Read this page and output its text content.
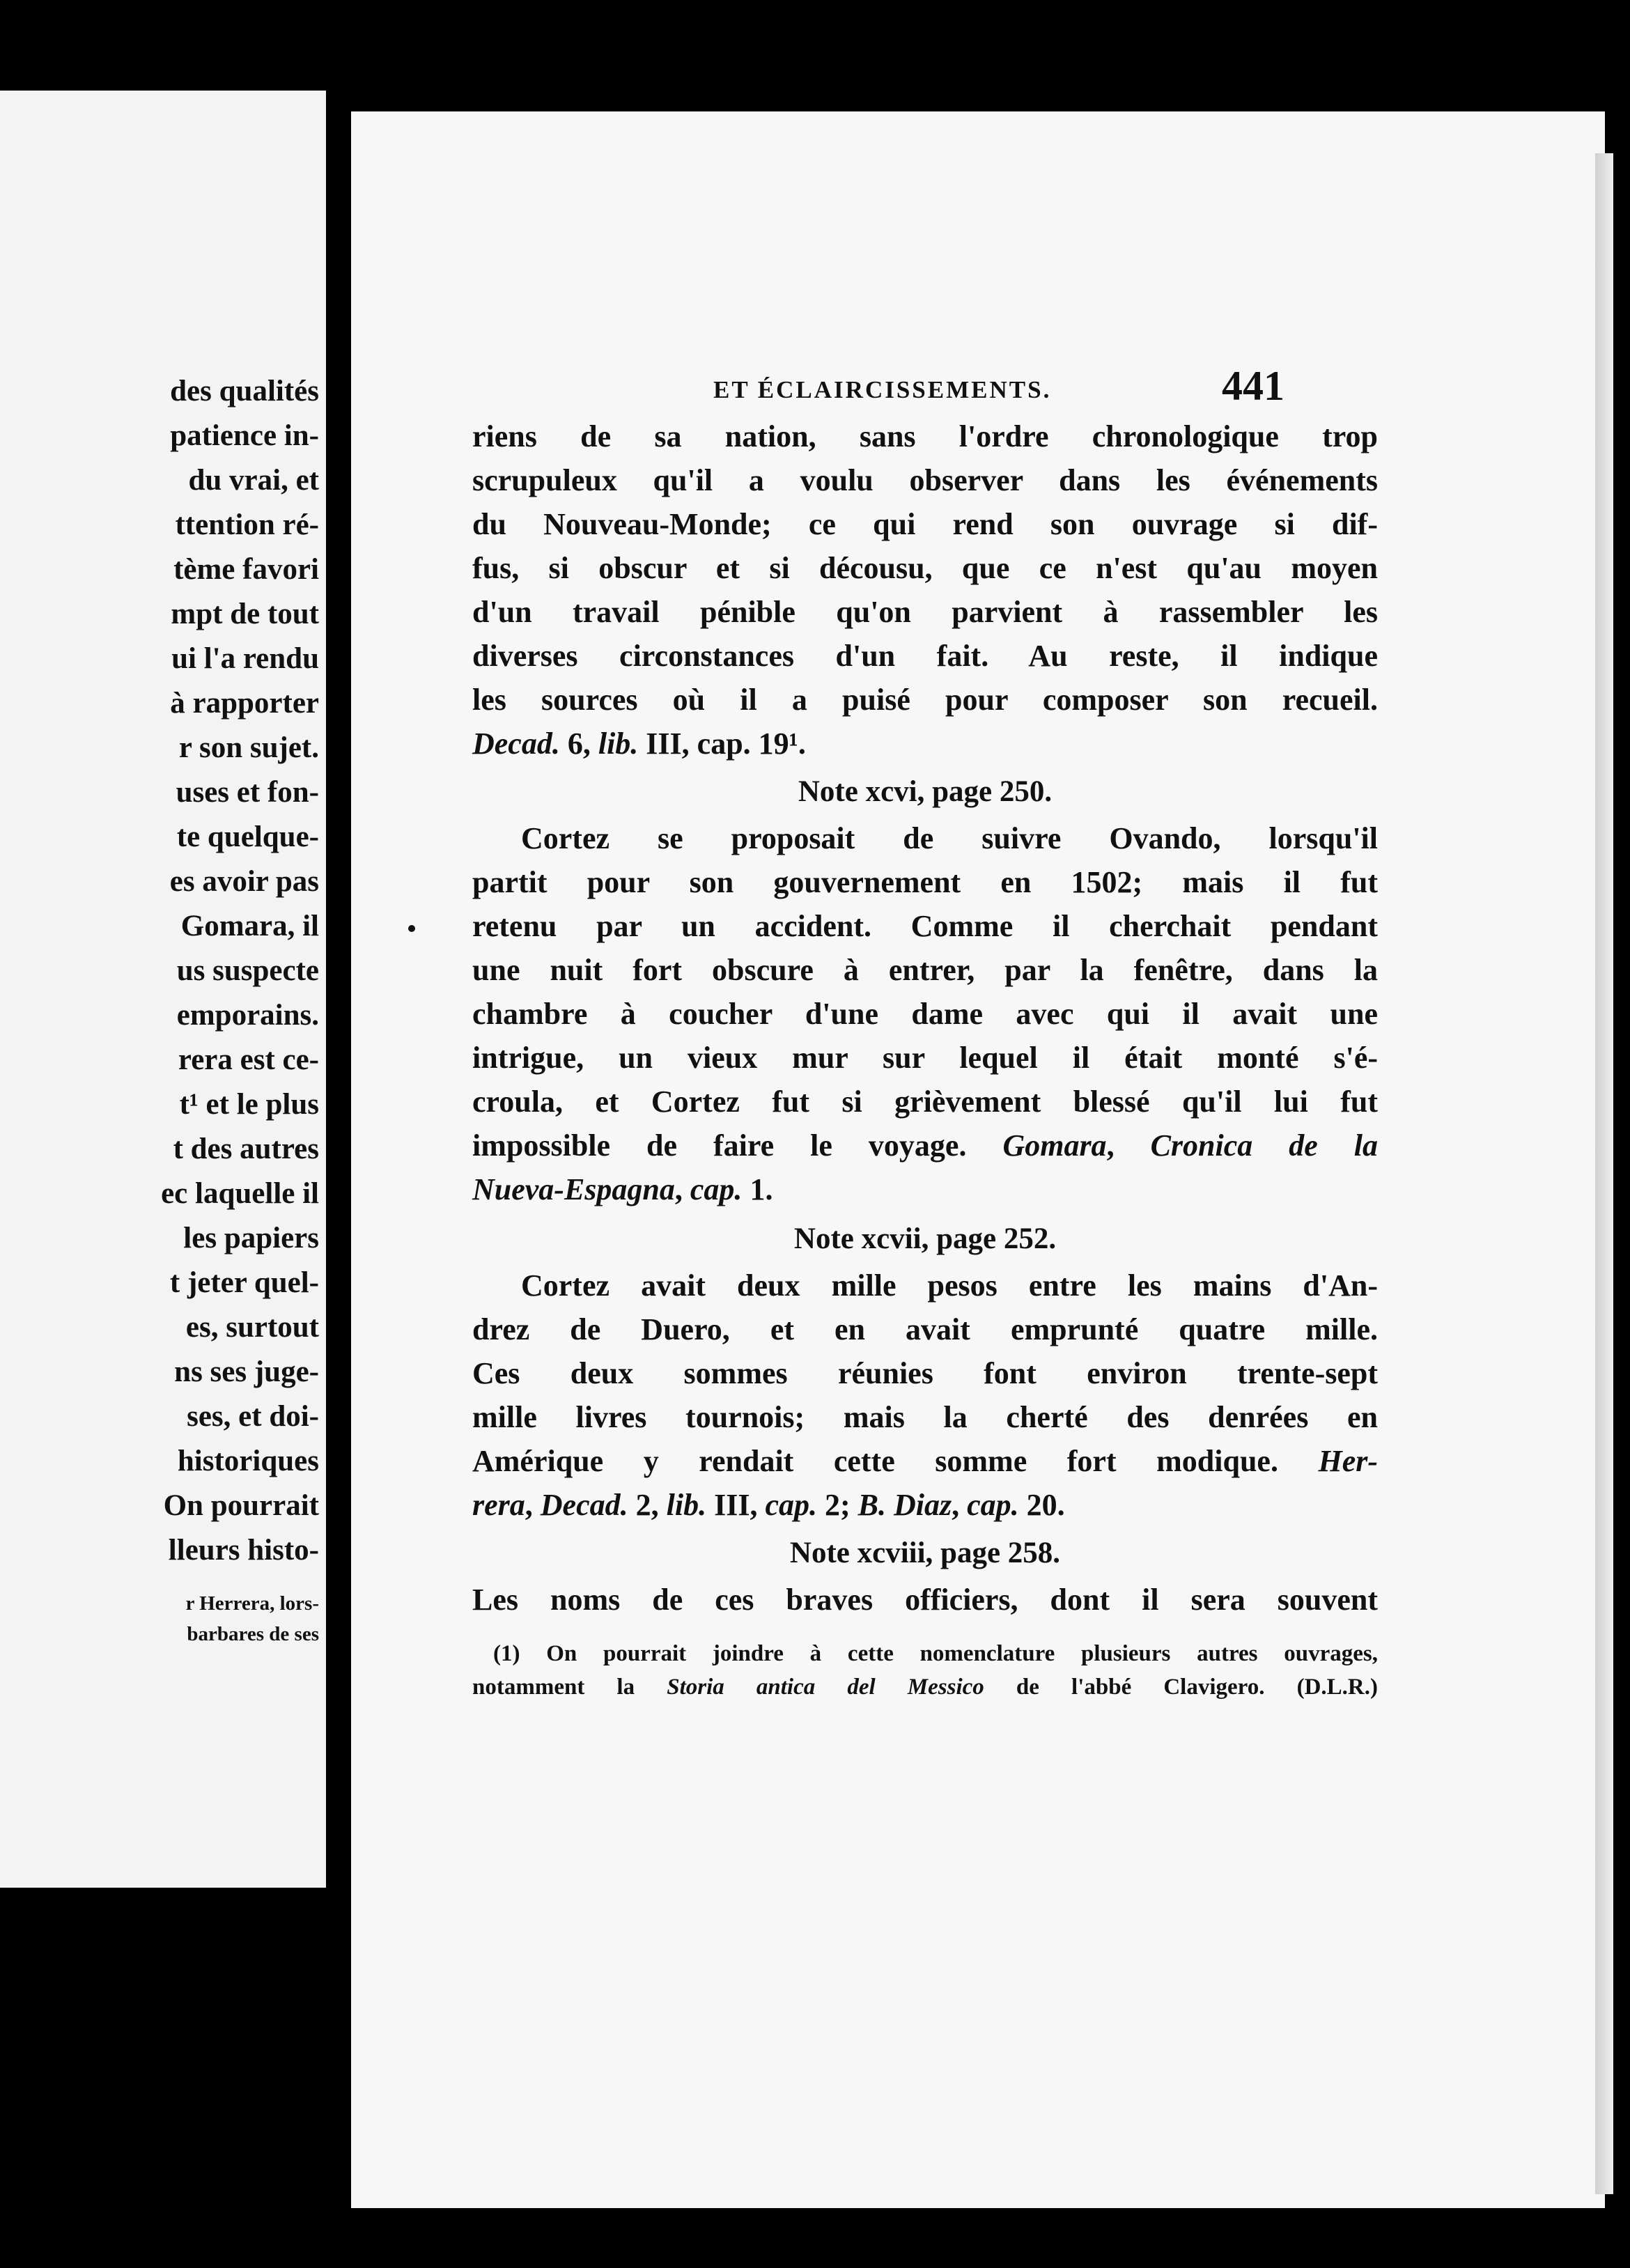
des qualités
patience in-
du vrai, et
ttention ré-
tème favori
mpt de tout
ui l'a rendu
à rapporter
r son sujet.
uses et fon-
te quelque-
es avoir pas
Gomara, il
us suspecte
emporains.
rera est ce-
t¹ et le plus
t des autres
ec laquelle il
les papiers
t jeter quel-
es, surtout
ns ses juge-
ses, et doi-
historiques
On pourrait
lleurs histo-
r Herrera, lors-
barbares de ses
ET ÉCLAIRCISSEMENTS.	441
riens de sa nation, sans l'ordre chronologique trop
scrupuleux qu'il a voulu observer dans les événements
du Nouveau-Monde; ce qui rend son ouvrage si dif-
fus, si obscur et si décousu, que ce n'est qu'au moyen
d'un travail pénible qu'on parvient à rassembler les
diverses circonstances d'un fait. Au reste, il indique
les sources où il a puisé pour composer son recueil.
Decad. 6, lib. III, cap. 19¹.
Note xcvi, page 250.
Cortez se proposait de suivre Ovando, lorsqu'il
partit pour son gouvernement en 1502; mais il fut
retenu par un accident. Comme il cherchait pendant
une nuit fort obscure à entrer, par la fenêtre, dans la
chambre à coucher d'une dame avec qui il avait une
intrigue, un vieux mur sur lequel il était monté s'é-
croula, et Cortez fut si grièvement blessé qu'il lui fut
impossible de faire le voyage. Gomara, Cronica de la
Nueva-Espagna, cap. 1.
Note xcvii, page 252.
Cortez avait deux mille pesos entre les mains d'An-
drez de Duero, et en avait emprunté quatre mille.
Ces deux sommes réunies font environ trente-sept
mille livres tournois; mais la cherté des denrées en
Amérique y rendait cette somme fort modique. Her-
rera, Decad. 2, lib. III, cap. 2; B. Diaz, cap. 20.
Note xcviii, page 258.
Les noms de ces braves officiers, dont il sera souvent
(1) On pourrait joindre à cette nomenclature plusieurs autres ouvrages,
notamment la Storia antica del Messico de l'abbé Clavigero. (D.L.R.)
